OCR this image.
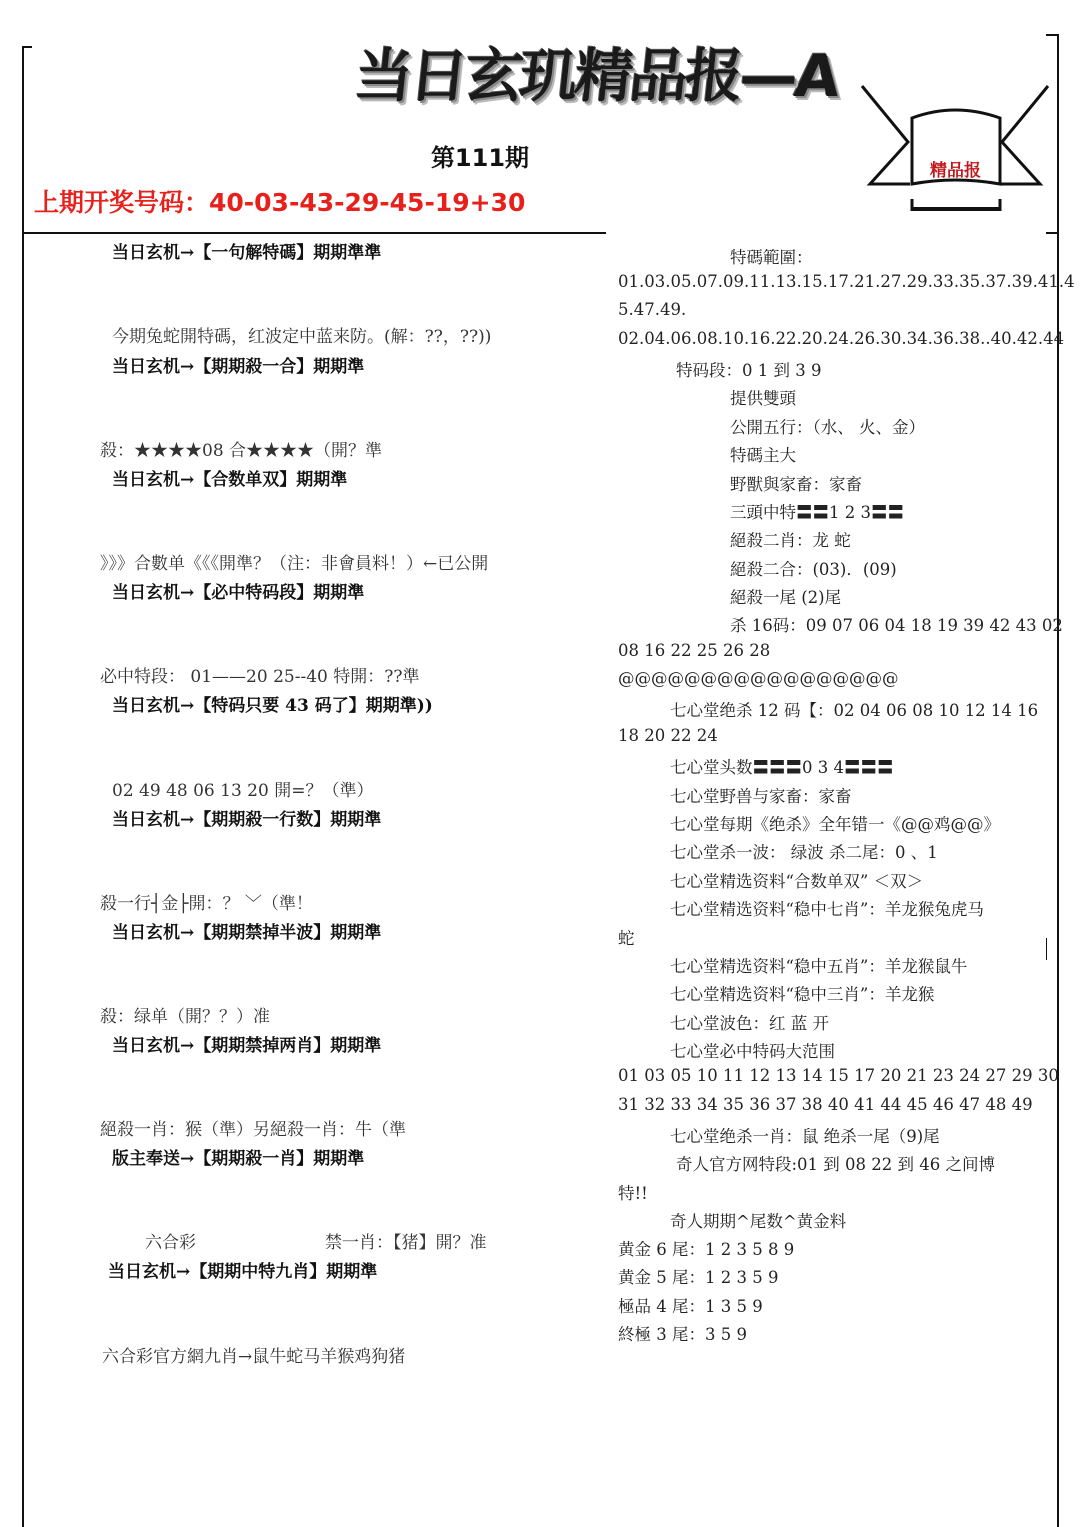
当日玄玑精品报—A
第111期
上期开奖号码：40-03-43-29-45-19+30
精品报
当日玄机→【一句解特碼】期期準準
今期兔蛇開特碼，红波定中蓝来防。(解：??，??))
当日玄机→【期期殺一合】期期準
殺：★★★★08 合★★★★（開？準
当日玄机→【合数单双】期期準
》》》合數单《《《開準？（注：非會員料！）←已公開
当日玄机→【必中特码段】期期準
必中特段： 01——20 25--40 特開：??準
当日玄机→【特码只要 43 码了】期期準))
02 49 48 06 13 20 開=？（準）
当日玄机→【期期殺一行数】期期準
殺一行┤金├開：？ ﹀（準！
当日玄机→【期期禁掉半波】期期準
殺：绿单（開？？）准
当日玄机→【期期禁掉两肖】期期準
絕殺一肖：猴（準）另絕殺一肖：牛（準
版主奉送→【期期殺一肖】期期準
六合彩	禁一肖：【猪】開？准
当日玄机→【期期中特九肖】期期準
六合彩官方網九肖→鼠牛蛇马羊猴鸡狗猪
特碼範圍：
01.03.05.07.09.11.13.15.17.21.27.29.33.35.37.39.41.4
5.47.49.
02.04.06.08.10.16.22.20.24.26.30.34.36.38..40.42.44
特码段：0 1 到 3 9
提供雙頭
公開五行：（水、 火、金）
特碼主大
野獸與家畜：家畜
三頭中特〓〓1 2 3〓〓
絕殺二肖：龙 蛇
絕殺二合：(03)．(09)
絕殺一尾 (2)尾
杀 16码：09 07 06 04 18 19 39 42 43 02
08 16 22 25 26 28
@@@@@@@@@@@@@@@@@
七心堂绝杀 12 码【：02 04 06 08 10 12 14 16
18 20 22 24
七心堂头数〓〓〓0 3 4〓〓〓
七心堂野兽与家畜：家畜
七心堂每期《绝杀》全年错一《@@鸡@@》
七心堂杀一波： 绿波 杀二尾：0 、1
七心堂精选资料“合数单双” ＜双＞
七心堂精选资料“稳中七肖”：羊龙猴兔虎马
蛇
七心堂精选资料“稳中五肖”：羊龙猴鼠牛
七心堂精选资料“稳中三肖”：羊龙猴
七心堂波色：红 蓝 开
七心堂必中特码大范围
01 03 05 10 11 12 13 14 15 17 20 21 23 24 27 29 30
31 32 33 34 35 36 37 38 40 41 44 45 46 47 48 49
七心堂绝杀一肖：鼠 绝杀一尾（9)尾
奇人官方网特段:01 到 08 22 到 46 之间博
特!!
奇人期期^尾数^黄金料
黄金 6 尾：1 2 3 5 8 9
黄金 5 尾：1 2 3 5 9
極品 4 尾：1 3 5 9
終極 3 尾：3 5 9
